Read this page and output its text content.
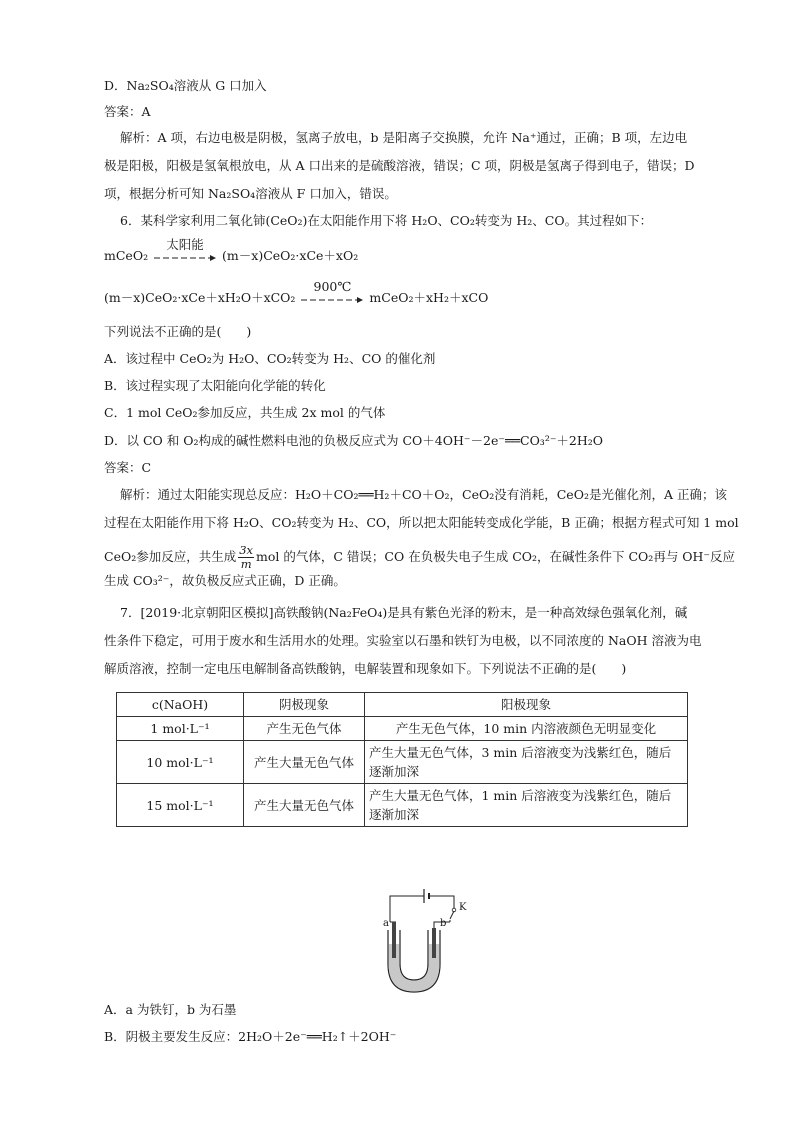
D．Na₂SO₄溶液从 G 口加入
答案：A
解析：A 项，右边电极是阴极，氢离子放电，b 是阳离子交换膜，允许 Na⁺通过，正确；B 项，左边电
极是阳极，阳极是氢氧根放电，从 A 口出来的是硫酸溶液，错误；C 项，阴极是氢离子得到电子，错误；D
项，根据分析可知 Na₂SO₄溶液从 F 口加入，错误。
6．某科学家利用二氧化铈(CeO₂)在太阳能作用下将 H₂O、CO₂转变为 H₂、CO。其过程如下：
mCeO₂
太阳能
(m－x)CeO₂·xCe＋xO₂
(m－x)CeO₂·xCe＋xH₂O＋xCO₂
900℃
mCeO₂＋xH₂＋xCO
下列说法不正确的是(　　)
A．该过程中 CeO₂为 H₂O、CO₂转变为 H₂、CO 的催化剂
B．该过程实现了太阳能向化学能的转化
C．1 mol CeO₂参加反应，共生成 2x mol 的气体
D．以 CO 和 O₂构成的碱性燃料电池的负极反应式为 CO＋4OH⁻－2e⁻══CO₃²⁻＋2H₂O
答案：C
解析：通过太阳能实现总反应：H₂O＋CO₂══H₂＋CO＋O₂，CeO₂没有消耗，CeO₂是光催化剂，A 正确；该
过程在太阳能作用下将 H₂O、CO₂转变为 H₂、CO，所以把太阳能转变成化学能，B 正确；根据方程式可知 1 mol
CeO₂参加反应，共生成 $\frac{3x}{m}$ mol 的气体，C 错误；CO 在负极失电子生成 CO₂，在碱性条件下 CO₂再与 OH⁻反应
生成 CO₃²⁻，故负极反应式正确，D 正确。
7．[2019·北京朝阳区模拟]高铁酸钠(Na₂FeO₄)是具有紫色光泽的粉末，是一种高效绿色强氧化剂，碱
性条件下稳定，可用于废水和生活用水的处理。实验室以石墨和铁钉为电极，以不同浓度的 NaOH 溶液为电
解质溶液，控制一定电压电解制备高铁酸钠，电解装置和现象如下。下列说法不正确的是(　　)
c(NaOH)	阴极现象	阳极现象
1 mol·L⁻¹	产生无色气体	产生无色气体，10 min 内溶液颜色无明显变化
10 mol·L⁻¹	产生大量无色气体	产生大量无色气体，3 min 后溶液变为浅紫红色，随后逐渐加深
15 mol·L⁻¹	产生大量无色气体	产生大量无色气体，1 min 后溶液变为浅紫红色，随后逐渐加深
a	b
K
A．a 为铁钉，b 为石墨
B．阴极主要发生反应：2H₂O＋2e⁻══H₂↑＋2OH⁻
